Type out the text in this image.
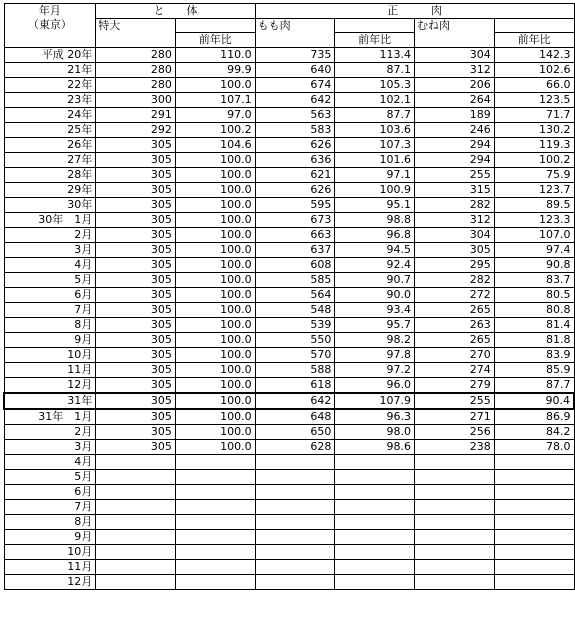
年月
（東京）	と　　体		正　　　肉			
	特大		もも肉		むね肉	
		前年比		前年比		前年比
平成 20年	280	110.0	735	113.4	304	142.3
21年	280	99.9	640	87.1	312	102.6
22年	280	100.0	674	105.3	206	66.0
23年	300	107.1	642	102.1	264	123.5
24年	291	97.0	563	87.7	189	71.7
25年	292	100.2	583	103.6	246	130.2
26年	305	104.6	626	107.3	294	119.3
27年	305	100.0	636	101.6	294	100.2
28年	305	100.0	621	97.1	255	75.9
29年	305	100.0	626	100.9	315	123.7
30年	305	100.0	595	95.1	282	89.5
30年　1月	305	100.0	673	98.8	312	123.3
2月	305	100.0	663	96.8	304	107.0
3月	305	100.0	637	94.5	305	97.4
4月	305	100.0	608	92.4	295	90.8
5月	305	100.0	585	90.7	282	83.7
6月	305	100.0	564	90.0	272	80.5
7月	305	100.0	548	93.4	265	80.8
8月	305	100.0	539	95.7	263	81.4
9月	305	100.0	550	98.2	265	81.8
10月	305	100.0	570	97.8	270	83.9
11月	305	100.0	588	97.2	274	85.9
12月	305	100.0	618	96.0	279	87.7
31年	305	100.0	642	107.9	255	90.4
31年　1月	305	100.0	648	96.3	271	86.9
2月	305	100.0	650	98.0	256	84.2
3月	305	100.0	628	98.6	238	78.0
4月						
5月						
6月						
7月						
8月						
9月						
10月						
11月						
12月						
